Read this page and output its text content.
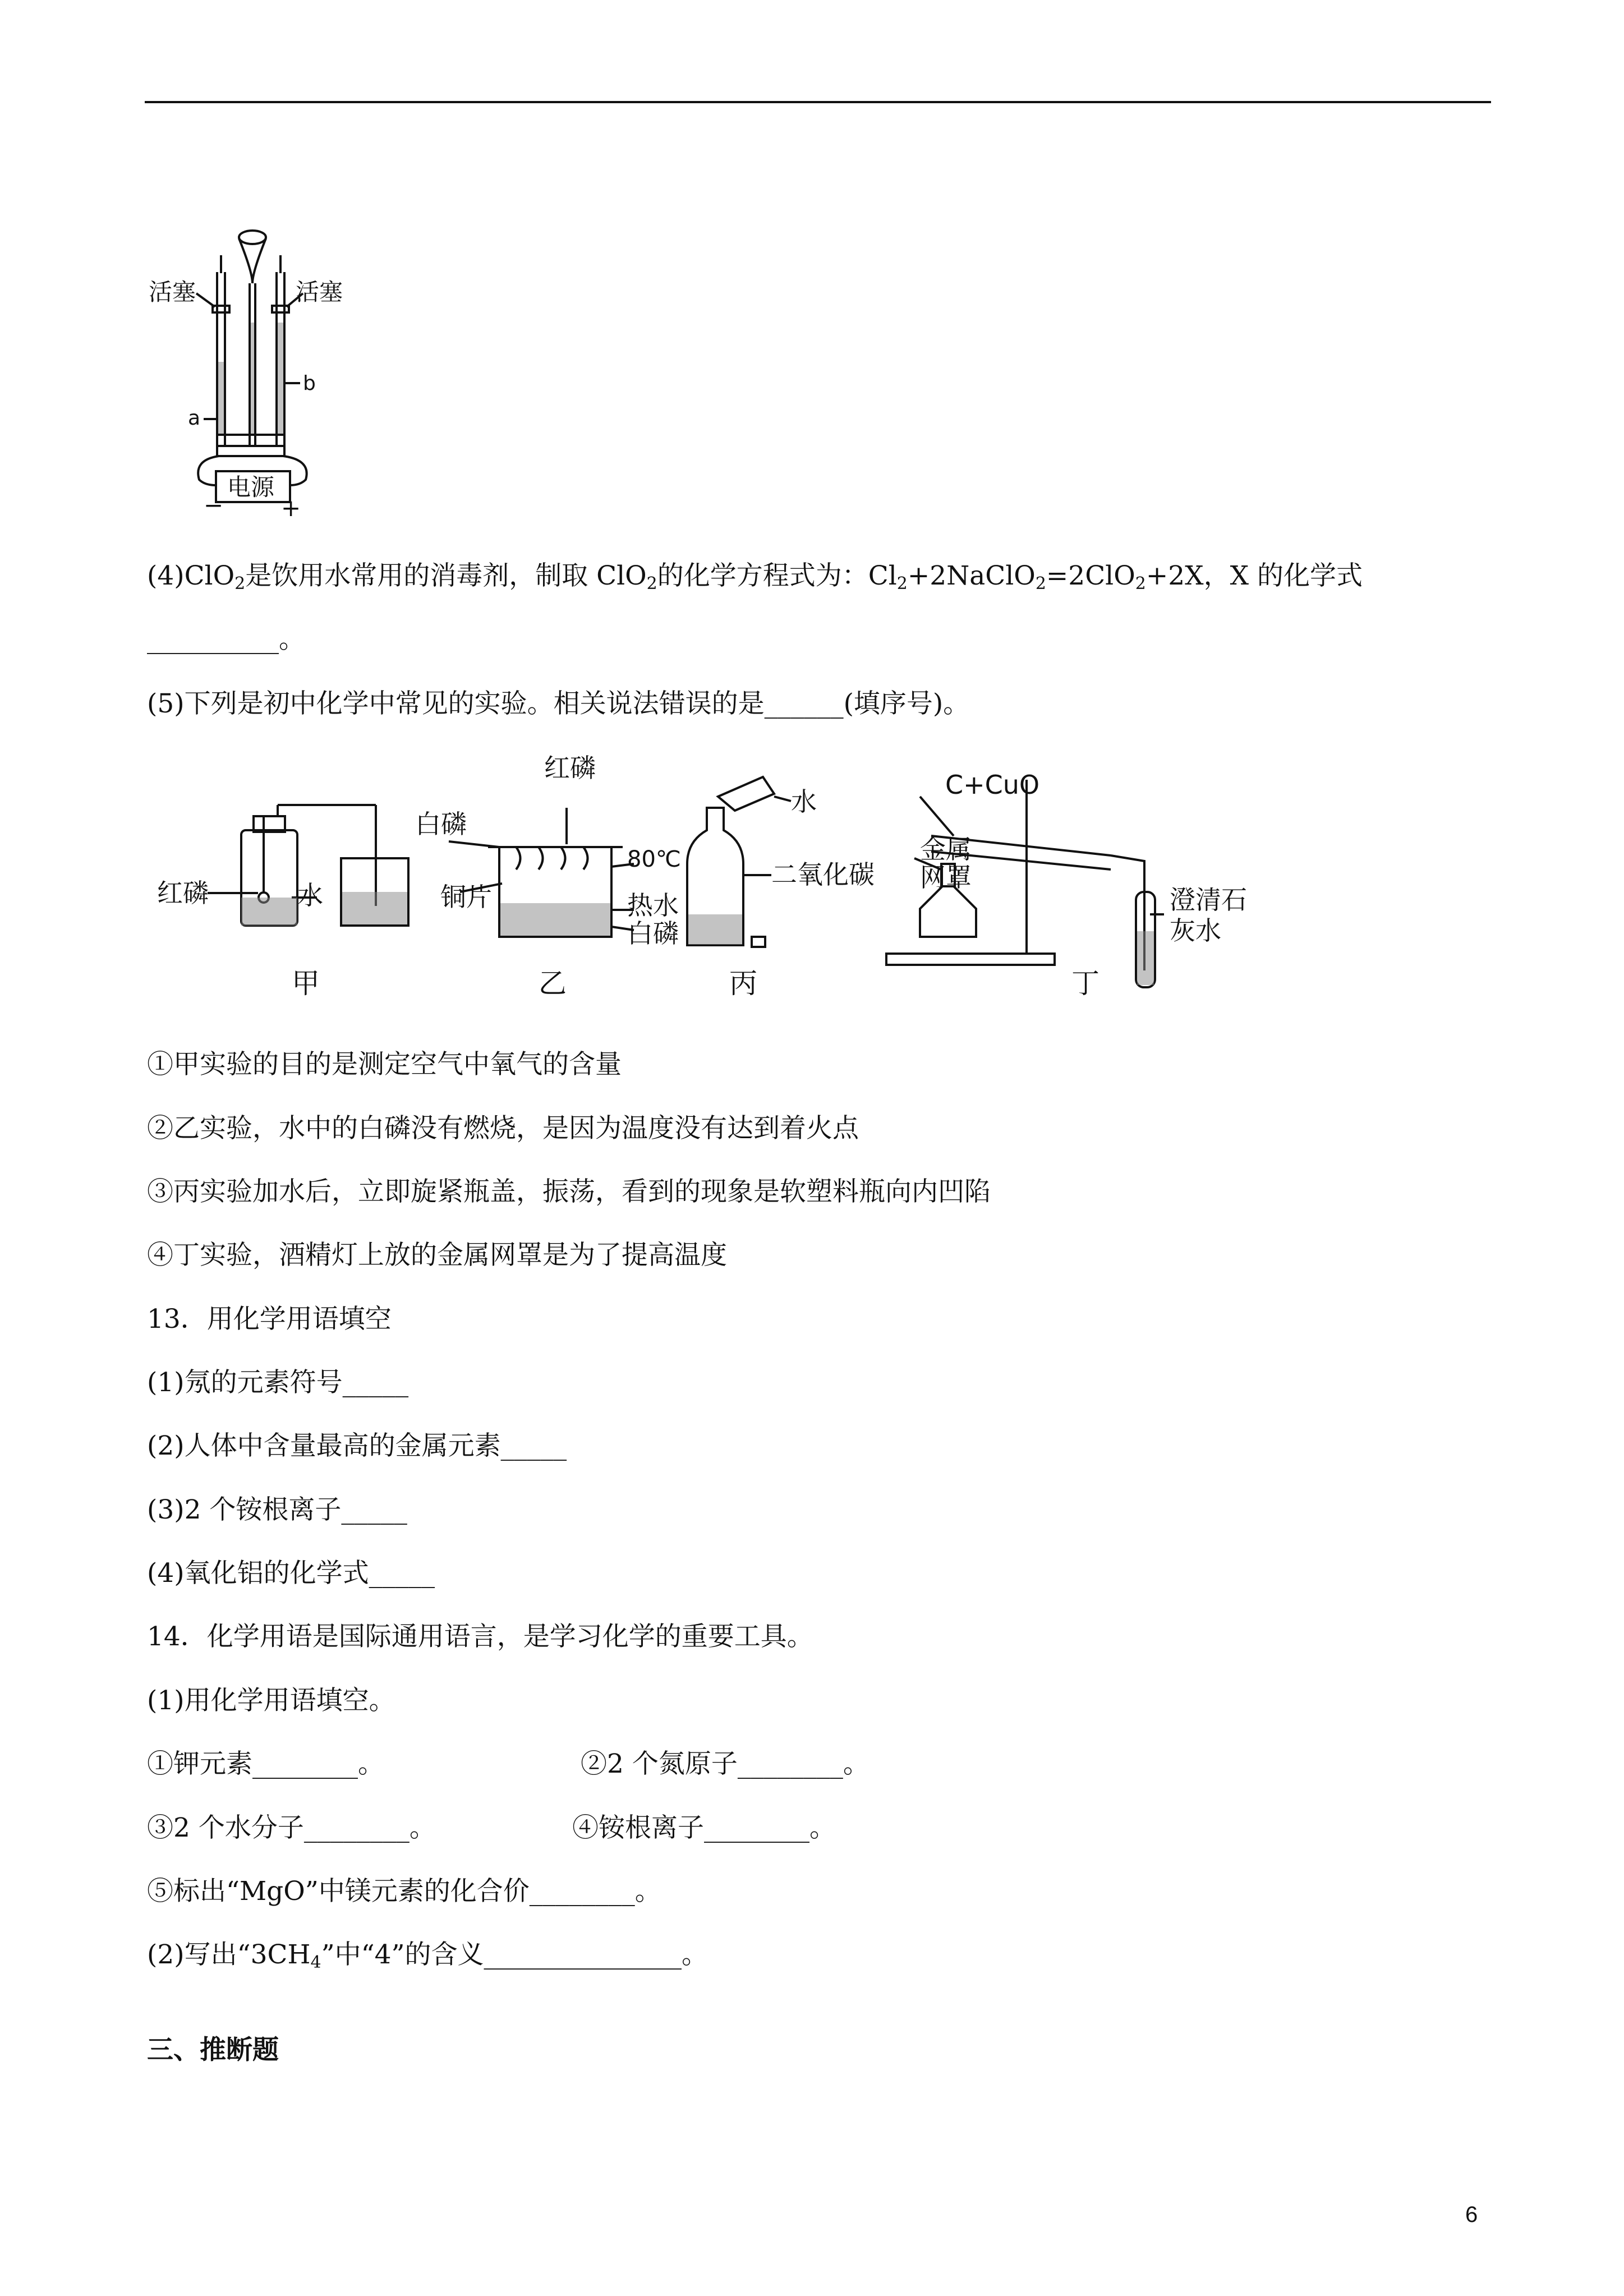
活塞	活塞
b
a
电源
− +
(4)ClO$_2$是饮用水常用的消毒剂，制取 ClO$_2$的化学方程式为：$Cl_2+2NaClO_2=2ClO_2+2X$，X 的化学式
__________。
(5)下列是初中化学中常见的实验。相关说法错误的是______(填序号)。
红磷	水
甲
红磷
白磷
铜片
80℃
热水
白磷
乙
水
二氧化碳
丙
C+CuO
金属
网罩
澄清石
灰水
丁
①甲实验的目的是测定空气中氧气的含量
②乙实验，水中的白磷没有燃烧，是因为温度没有达到着火点
③丙实验加水后，立即旋紧瓶盖，振荡，看到的现象是软塑料瓶向内凹陷
④丁实验，酒精灯上放的金属网罩是为了提高温度
13．用化学用语填空
(1)氖的元素符号_____
(2)人体中含量最高的金属元素_____
(3)2 个铵根离子_____
(4)氧化铝的化学式_____
14．化学用语是国际通用语言，是学习化学的重要工具。
(1)用化学用语填空。
①钾元素________。	②2 个氮原子________。
③2 个水分子________。	④铵根离子________。
⑤标出“MgO”中镁元素的化合价________。
(2)写出“$3CH_4$”中“4”的含义_______________。
三、推断题
6
